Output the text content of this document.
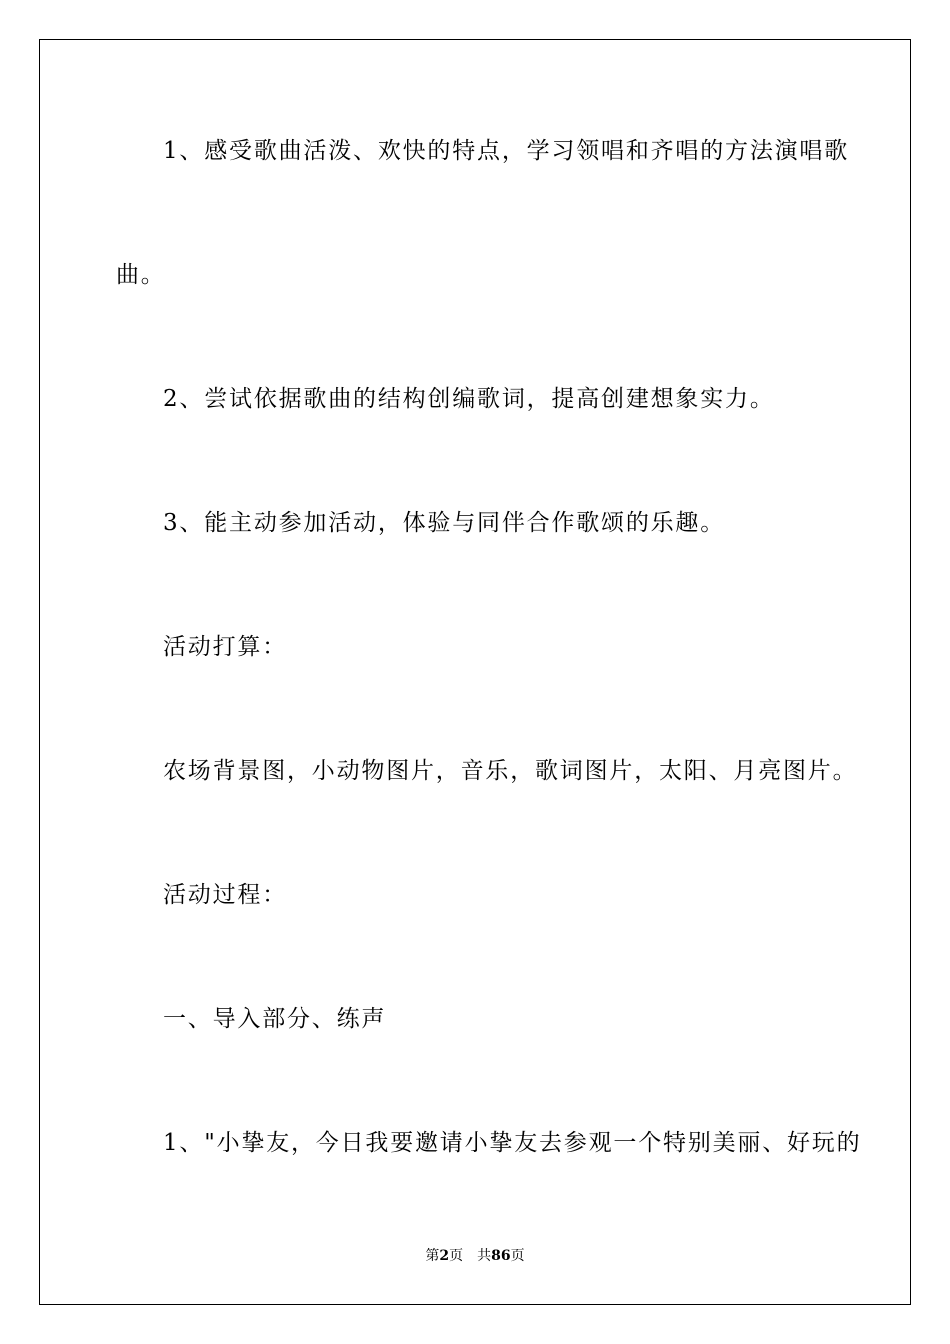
1、感受歌曲活泼、欢快的特点，学习领唱和齐唱的方法演唱歌
曲。
2、尝试依据歌曲的结构创编歌词，提高创建想象实力。
3、能主动参加活动，体验与同伴合作歌颂的乐趣。
活动打算：
农场背景图，小动物图片，音乐，歌词图片，太阳、月亮图片。
活动过程：
一、导入部分、练声
1、"小挚友，今日我要邀请小挚友去参观一个特别美丽、好玩的
第2页 共86页
